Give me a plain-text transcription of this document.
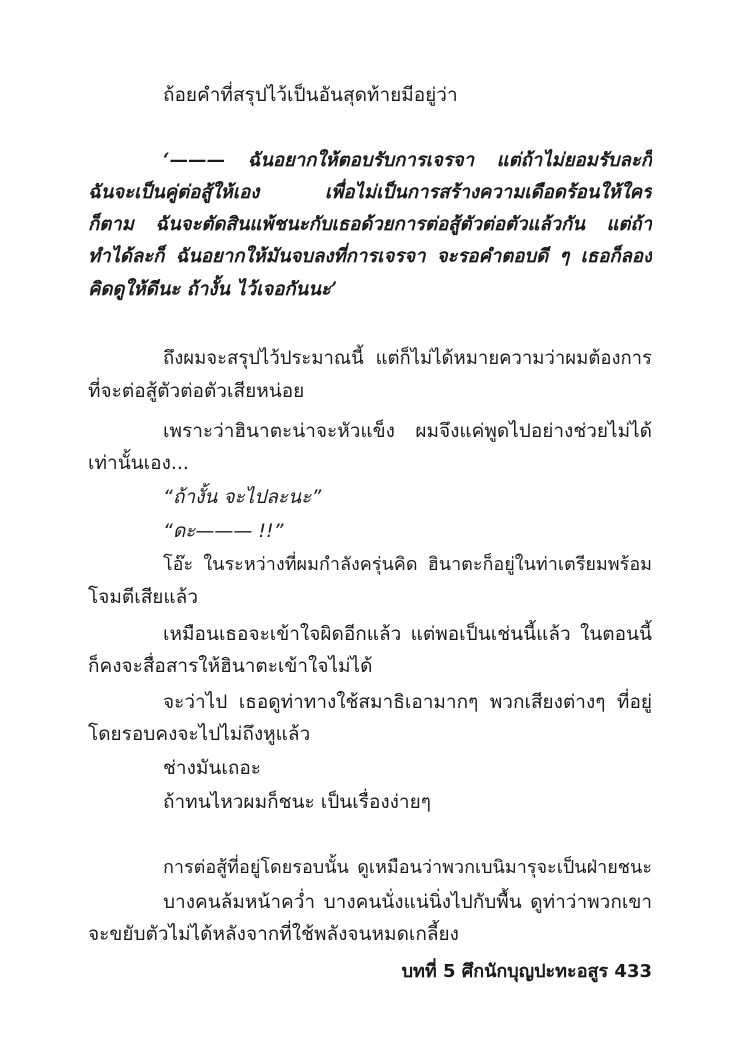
ถ้อยคำที่สรุปไว้เป็นอันสุดท้ายมีอยู่ว่า
‘——— ฉันอยากให้ตอบรับการเจรจา แต่ถ้าไม่ยอมรับละก็
ฉันจะเป็นคู่ต่อสู้ให้เอง เพื่อไม่เป็นการสร้างความเดือดร้อนให้ใคร
ก็ตาม ฉันจะตัดสินแพ้ชนะกับเธอด้วยการต่อสู้ตัวต่อตัวแล้วกัน แต่ถ้า
ทำได้ละก็ ฉันอยากให้มันจบลงที่การเจรจา จะรอคำตอบดี ๆ เธอก็ลอง
คิดดูให้ดีนะ ถ้างั้น ไว้เจอกันนะ’
ถึงผมจะสรุปไว้ประมาณนี้ แต่ก็ไม่ได้หมายความว่าผมต้องการ
ที่จะต่อสู้ตัวต่อตัวเสียหน่อย
เพราะว่าฮินาตะน่าจะหัวแข็ง ผมจึงแค่พูดไปอย่างช่วยไม่ได้
เท่านั้นเอง...
“ถ้างั้น จะไปละนะ”
“ดะ——— !!”
โอ๊ะ ในระหว่างที่ผมกำลังครุ่นคิด ฮินาตะก็อยู่ในท่าเตรียมพร้อม
โจมตีเสียแล้ว
เหมือนเธอจะเข้าใจผิดอีกแล้ว แต่พอเป็นเช่นนี้แล้ว ในตอนนี้
ก็คงจะสื่อสารให้ฮินาตะเข้าใจไม่ได้
จะว่าไป เธอดูท่าทางใช้สมาธิเอามากๆ พวกเสียงต่างๆ ที่อยู่
โดยรอบคงจะไปไม่ถึงหูแล้ว
ช่างมันเถอะ
ถ้าทนไหวผมก็ชนะ เป็นเรื่องง่ายๆ
การต่อสู้ที่อยู่โดยรอบนั้น ดูเหมือนว่าพวกเบนิมารุจะเป็นฝ่ายชนะ
บางคนล้มหน้าคว่ำ บางคนนั่งแน่นิ่งไปกับพื้น ดูท่าว่าพวกเขา
จะขยับตัวไม่ได้หลังจากที่ใช้พลังจนหมดเกลี้ยง
บทที่ 5 ศึกนักบุญปะทะอสูร 433
